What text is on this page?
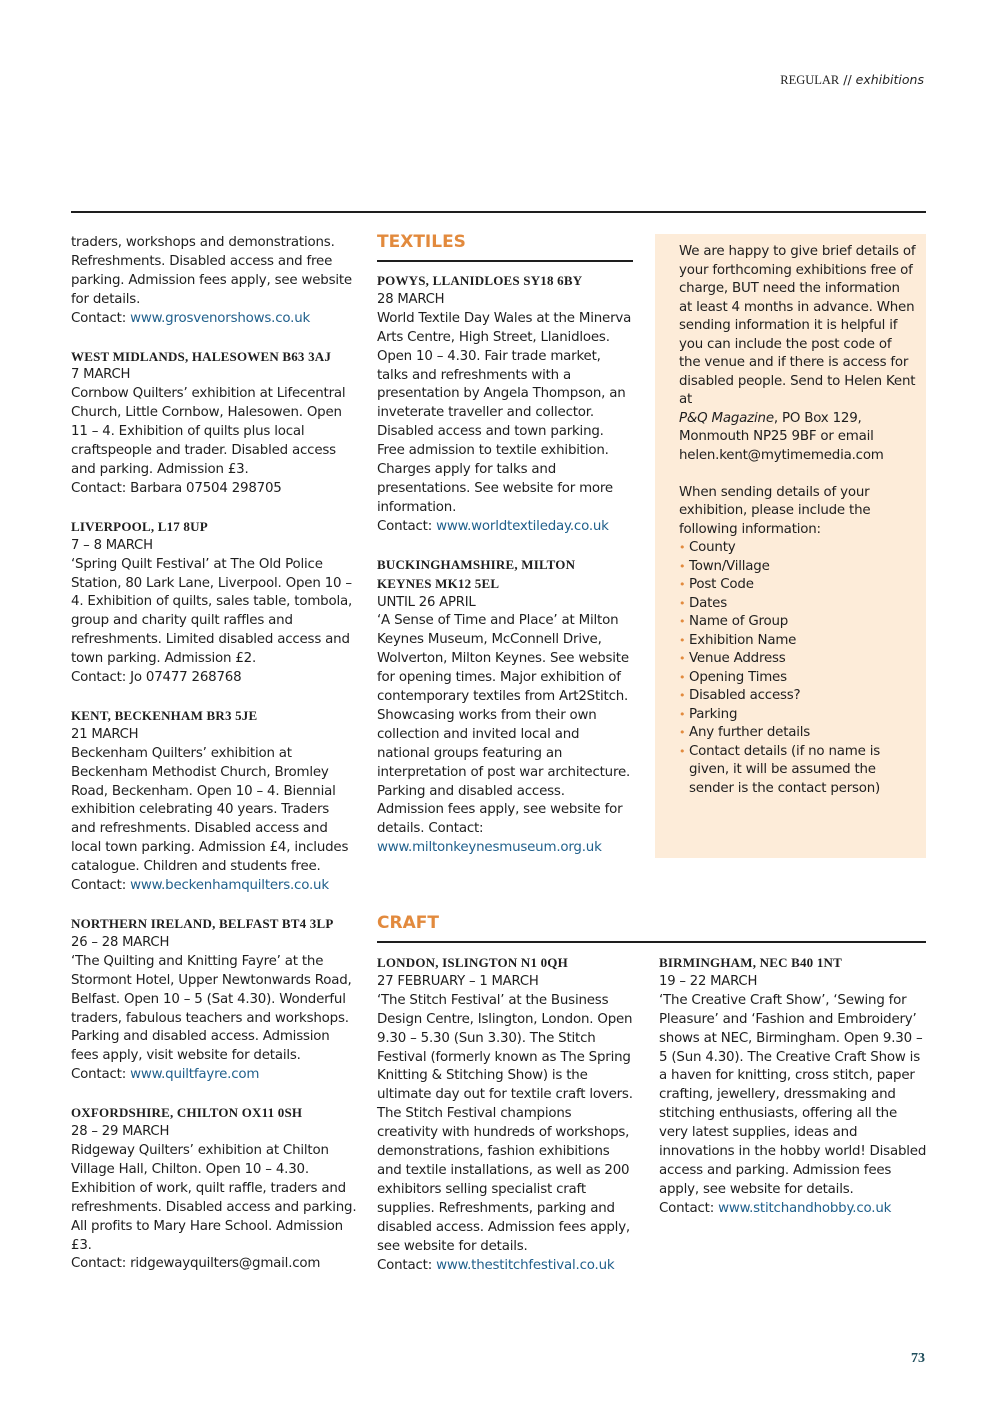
REGULAR // exhibitions

traders, workshops and demonstrations. Refreshments. Disabled access and free parking. Admission fees apply, see website for details.
Contact: www.grosvenorshows.co.uk

WEST MIDLANDS, HALESOWEN B63 3AJ
7 MARCH

Cornbow Quilters’ exhibition at Lifecentral Church, Little Cornbow, Halesowen. Open 11 – 4. Exhibition of quilts plus local craftspeople and trader. Disabled access and parking. Admission £3.
Contact: Barbara 07504 298705

LIVERPOOL, L17 8UP
7 – 8 MARCH

‘Spring Quilt Festival’ at The Old Police Station, 80 Lark Lane, Liverpool. Open 10 – 4. Exhibition of quilts, sales table, tombola, group and charity quilt raffles and refreshments. Limited disabled access and town parking. Admission £2.
Contact: Jo 07477 268768

KENT, BECKENHAM BR3 5JE
21 MARCH

Beckenham Quilters’ exhibition at Beckenham Methodist Church, Bromley Road, Beckenham. Open 10 – 4. Biennial exhibition celebrating 40 years. Traders and refreshments. Disabled access and local town parking. Admission £4, includes catalogue. Children and students free.
Contact: www.beckenhamquilters.co.uk

NORTHERN IRELAND, BELFAST BT4 3LP
26 – 28 MARCH

‘The Quilting and Knitting Fayre’ at the Stormont Hotel, Upper Newtonwards Road, Belfast. Open 10 – 5 (Sat 4.30). Wonderful traders, fabulous teachers and workshops. Parking and disabled access. Admission fees apply, visit website for details.
Contact: www.quiltfayre.com

OXFORDSHIRE, CHILTON OX11 0SH
28 – 29 MARCH

Ridgeway Quilters’ exhibition at Chilton Village Hall, Chilton. Open 10 – 4.30. Exhibition of work, quilt raffle, traders and refreshments. Disabled access and parking. All profits to Mary Hare School. Admission £3.
Contact: ridgewayquilters@gmail.com

TEXTILES
POWYS, LLANIDLOES SY18 6BY
28 MARCH

World Textile Day Wales at the Minerva Arts Centre, High Street, Llanidloes. Open 10 – 4.30. Fair trade market, talks and refreshments with a presentation by Angela Thompson, an inveterate traveller and collector. Disabled access and town parking. Free admission to textile exhibition. Charges apply for talks and presentations. See website for more information.
Contact: www.worldtextileday.co.uk

BUCKINGHAMSHIRE, MILTON KEYNES MK12 5EL
UNTIL 26 APRIL

‘A Sense of Time and Place’ at Milton Keynes Museum, McConnell Drive, Wolverton, Milton Keynes. See website for opening times. Major exhibition of contemporary textiles from Art2Stitch. Showcasing works from their own collection and invited local and national groups featuring an interpretation of post war architecture. Parking and disabled access. Admission fees apply, see website for details. Contact:
www.miltonkeynesmuseum.org.uk

We are happy to give brief details of your forthcoming exhibitions free of charge, BUT need the information at least 4 months in advance. When sending information it is helpful if you can include the post code of the venue and if there is access for disabled people. Send to Helen Kent at
P&Q Magazine, PO Box 129, Monmouth NP25 9BF or email
helen.kent@mytimemedia.com

When sending details of your exhibition, please include the following information:

• County
• Town/Village
• Post Code
• Dates
• Name of Group
• Exhibition Name
• Venue Address
• Opening Times
• Disabled access?
• Parking
• Any further details
• Contact details (if no name is given, it will be assumed the sender is the contact person)
CRAFT
LONDON, ISLINGTON N1 0QH
27 FEBRUARY – 1 MARCH

‘The Stitch Festival’ at the Business Design Centre, Islington, London. Open 9.30 – 5.30 (Sun 3.30). The Stitch Festival (formerly known as The Spring Knitting & Stitching Show) is the ultimate day out for textile craft lovers. The Stitch Festival champions creativity with hundreds of workshops, demonstrations, fashion exhibitions and textile installations, as well as 200 exhibitors selling specialist craft supplies. Refreshments, parking and disabled access. Admission fees apply, see website for details.
Contact: www.thestitchfestival.co.uk

BIRMINGHAM, NEC B40 1NT
19 – 22 MARCH

‘The Creative Craft Show’, ‘Sewing for Pleasure’ and ‘Fashion and Embroidery’ shows at NEC, Birmingham. Open 9.30 – 5 (Sun 4.30). The Creative Craft Show is a haven for knitting, cross stitch, paper crafting, jewellery, dressmaking and stitching enthusiasts, offering all the very latest supplies, ideas and innovations in the hobby world! Disabled access and parking. Admission fees apply, see website for details.
Contact: www.stitchandhobby.co.uk

73
